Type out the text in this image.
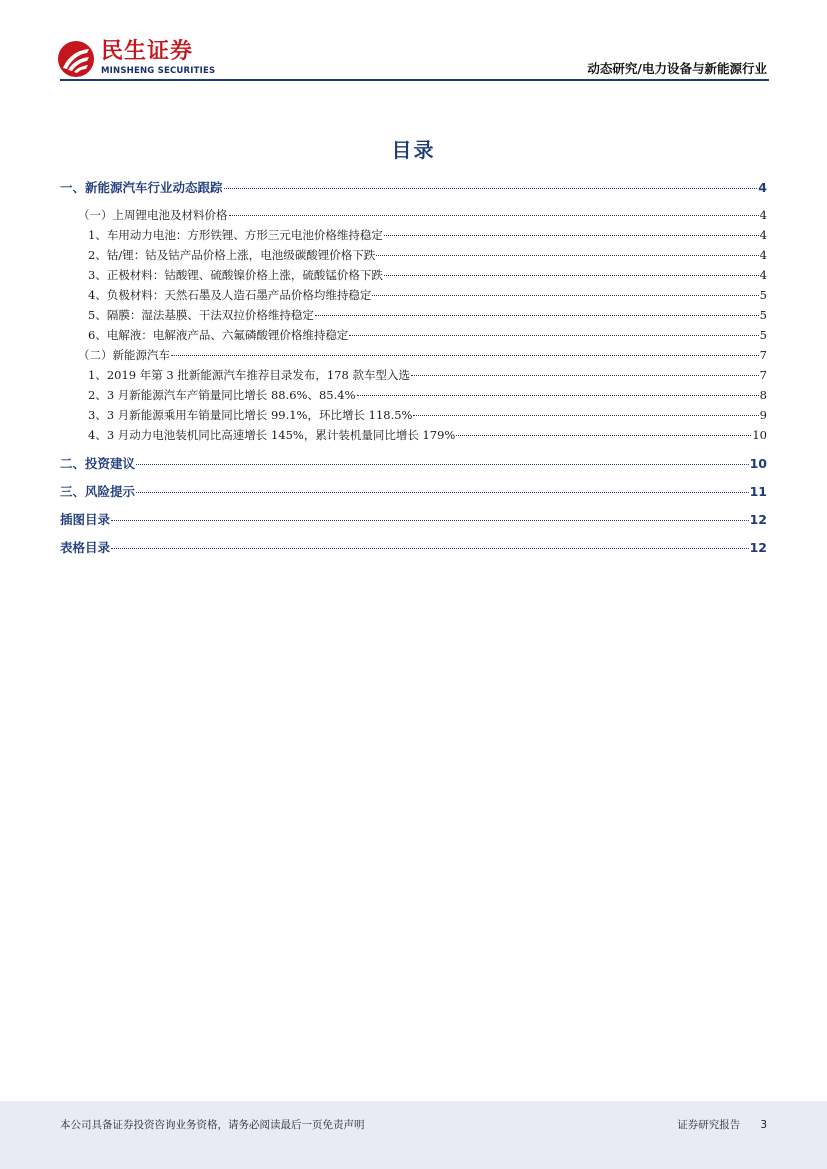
民生证券
MINSHENG SECURITIES	动态研究/电力设备与新能源行业
目录
一、新能源汽车行业动态跟踪	4
（一）上周锂电池及材料价格	4
1、车用动力电池：方形铁锂、方形三元电池价格维持稳定	4
2、钴/锂：钴及钴产品价格上涨，电池级碳酸锂价格下跌	4
3、正极材料：钴酸锂、硫酸镍价格上涨，硫酸锰价格下跌	4
4、负极材料：天然石墨及人造石墨产品价格均维持稳定	5
5、隔膜：湿法基膜、干法双拉价格维持稳定	5
6、电解液：电解液产品、六氟磷酸锂价格维持稳定	5
（二）新能源汽车	7
1、2019 年第 3 批新能源汽车推荐目录发布，178 款车型入选	7
2、3 月新能源汽车产销量同比增长 88.6%、85.4%	8
3、3 月新能源乘用车销量同比增长 99.1%，环比增长 118.5%	9
4、3 月动力电池装机同比高速增长 145%，累计装机量同比增长 179%	10
二、投资建议	10
三、风险提示	11
插图目录	12
表格目录	12
本公司具备证券投资咨询业务资格，请务必阅读最后一页免责声明	证券研究报告 3
